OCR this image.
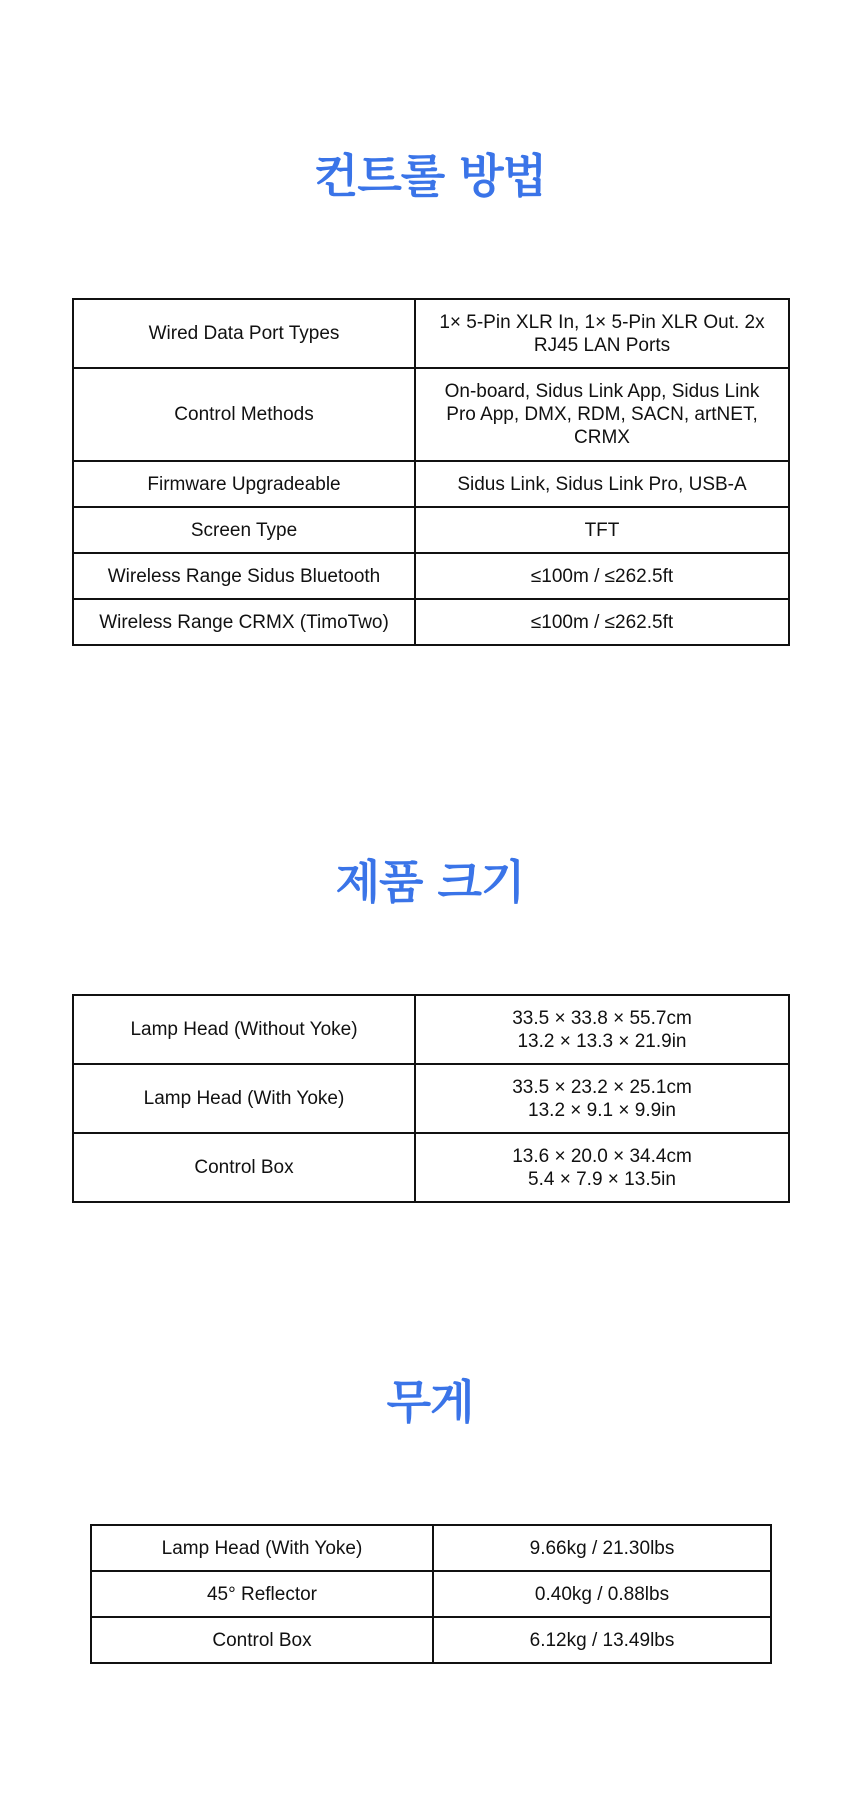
컨트롤 방법
Wired Data Port Types	1× 5-Pin XLR In, 1× 5-Pin XLR Out. 2x
RJ45 LAN Ports
Control Methods	On-board, Sidus Link App, Sidus Link
Pro App, DMX, RDM, SACN, artNET,
CRMX
Firmware Upgradeable	Sidus Link, Sidus Link Pro, USB-A
Screen Type	TFT
Wireless Range Sidus Bluetooth	≤100m / ≤262.5ft
Wireless Range CRMX (TimoTwo)	≤100m / ≤262.5ft
제품 크기
Lamp Head (Without Yoke)	33.5 × 33.8 × 55.7cm
13.2 × 13.3 × 21.9in
Lamp Head (With Yoke)	33.5 × 23.2 × 25.1cm
13.2 × 9.1 × 9.9in
Control Box	13.6 × 20.0 × 34.4cm
5.4 × 7.9 × 13.5in
무게
Lamp Head (With Yoke)	9.66kg / 21.30lbs
45° Reflector	0.40kg / 0.88lbs
Control Box	6.12kg / 13.49lbs
